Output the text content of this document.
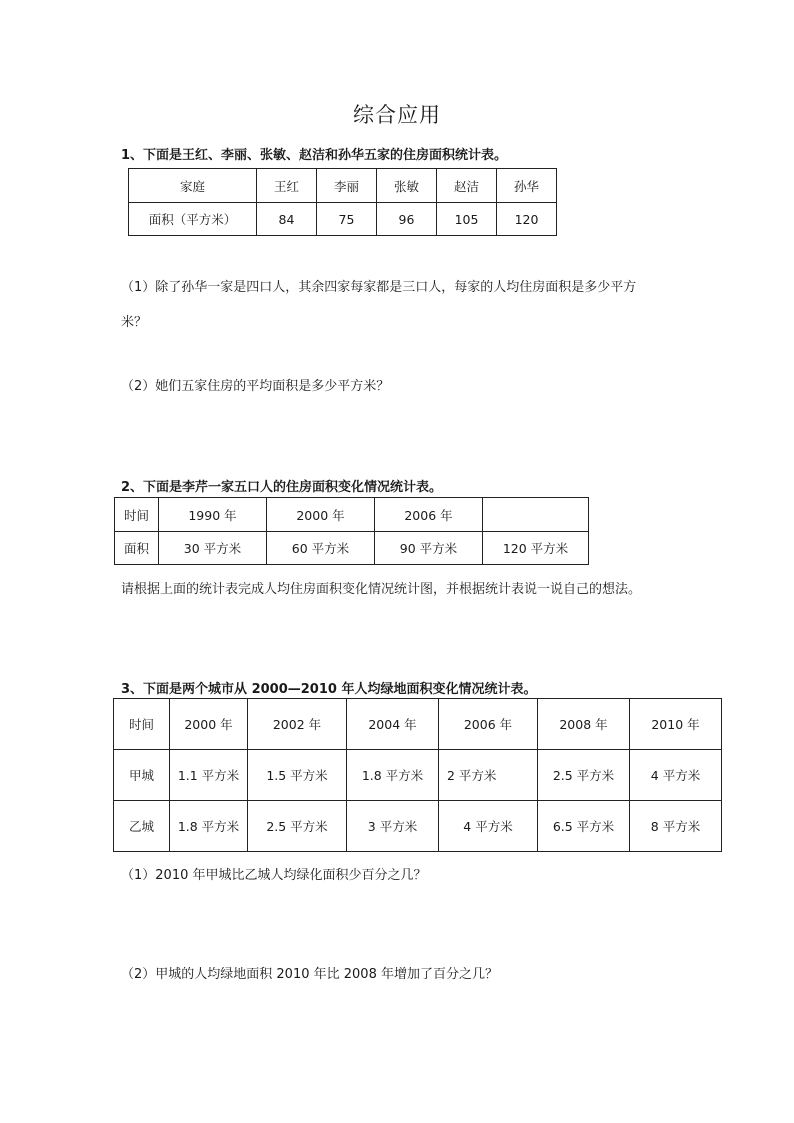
综合应用
1、下面是王红、李丽、张敏、赵洁和孙华五家的住房面积统计表。
家庭	王红	李丽	张敏	赵洁	孙华
面积（平方米）	84	75	96	105	120
（1）除了孙华一家是四口人，其余四家每家都是三口人，每家的人均住房面积是多少平方
米？
（2）她们五家住房的平均面积是多少平方米？
2、下面是李芹一家五口人的住房面积变化情况统计表。
时间	1990 年	2000 年	2006 年	
面积	30 平方米	60 平方米	90 平方米	120 平方米
请根据上面的统计表完成人均住房面积变化情况统计图，并根据统计表说一说自己的想法。
3、下面是两个城市从 2000—2010 年人均绿地面积变化情况统计表。
时间	2000 年	2002 年	2004 年	2006 年	2008 年	2010 年
甲城	1.1 平方米	1.5 平方米	1.8 平方米	2 平方米	2.5 平方米	4 平方米
乙城	1.8 平方米	2.5 平方米	3 平方米	4 平方米	6.5 平方米	8 平方米
（1）2010 年甲城比乙城人均绿化面积少百分之几？
（2）甲城的人均绿地面积 2010 年比 2008 年增加了百分之几？
